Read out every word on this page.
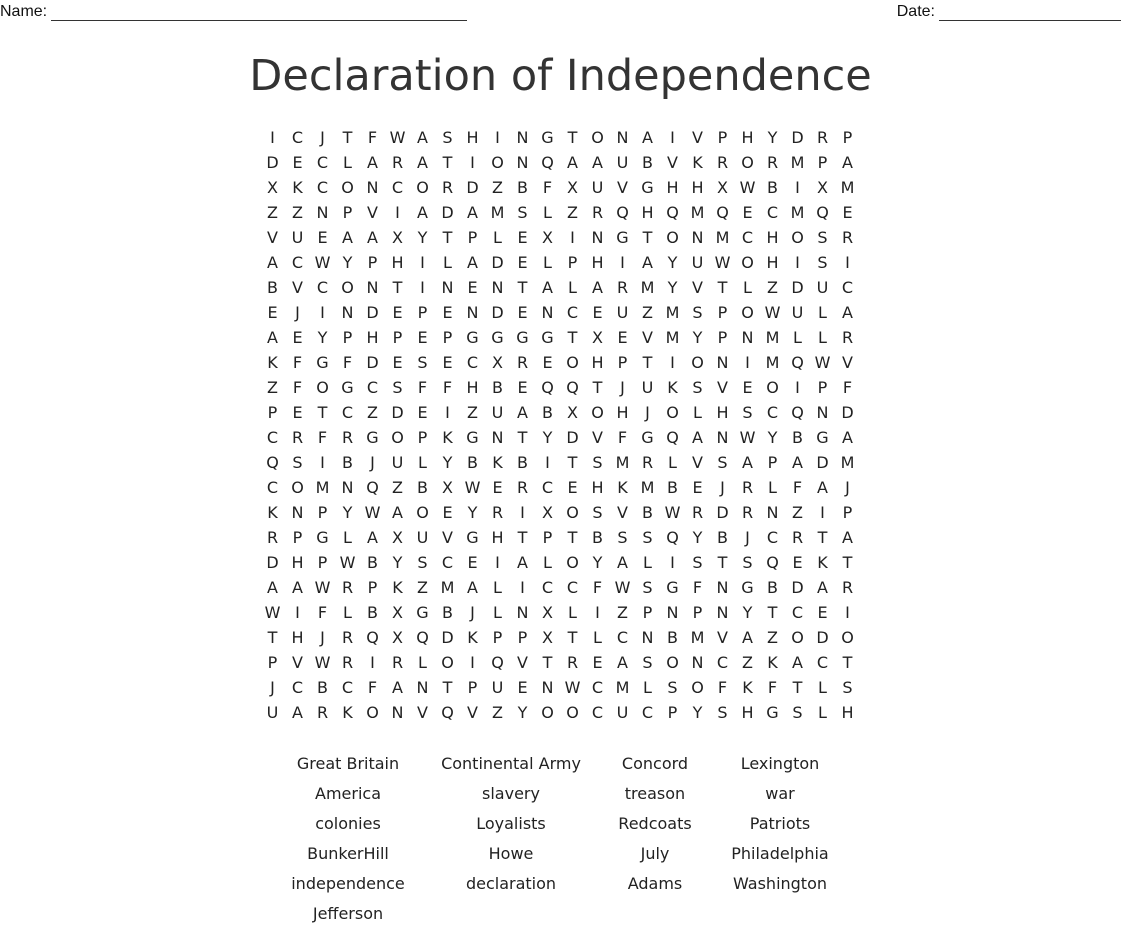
Name:	Date:
Declaration of Independence
I	C	J	T F W A S H	I	N G T O N A	I	V P H Y D R P
D E C L A R A T	I	O N Q A A U B V K R O R M P A
X K C O N C O R D Z B F X U V G H H X W B	I	X M
Z Z N P V	I	A D A M S L Z R Q H Q M Q E C M Q E
V U E A A X Y T P L E X	I	N G T O N M C H O S R
A C W Y P H	I	L A D E L P H	I	A Y U W O H	I	S	I
B V C O N T	I	N E N T A L A R M Y V T L Z D U C
E	J	I	N D E P E N D E N C E U Z M S P O W U L A
A E Y P H P E P G G G G T X E V M Y P N M L	L R
K F G F D E S E C X R E O H P T	I	O N	I M Q W V
Z F O G C S F F H B E Q Q T	J	U K S V E O	I	P F
P E T C Z D E	I	Z U A B X O H	J	O L H S C Q N D
C R F R G O P K G N T Y D V F G Q A N W Y B G A
Q S	I	B	J	U L Y B K B	I	T S M R L V S A P A D M
C O M N Q Z B X W E R C E H K M B E	J	R L F A	J
K N P Y W A O E Y R	I	X O S V B W R D R N Z	I	P
R P G L A X U V G H T P T B S S Q Y B	J	C R T A
D H P W B Y S C E	I	A L O Y A L	I	S T S Q E K T
A A W R P K Z M A L	I	C C F W S G F N G B D A R
W I	F L B X G B	J	L N X L	I	Z P N P N Y T C E	I
T H	J	R Q X Q D K P P X T L C N B M V A Z O D O
P V W R	I	R L O	I	Q V T R E A S O N C Z K A C T
J	C B C F A N T P U E N W C M L S O F K F T L S
U A R K O N V Q V Z Y O O C U C P Y S H G S L H
Great Britain	Continental Army	Concord	Lexington
America	slavery	treason	war
colonies	Loyalists	Redcoats	Patriots
BunkerHill	Howe	July	Philadelphia
independence	declaration	Adams	Washington
Jefferson
